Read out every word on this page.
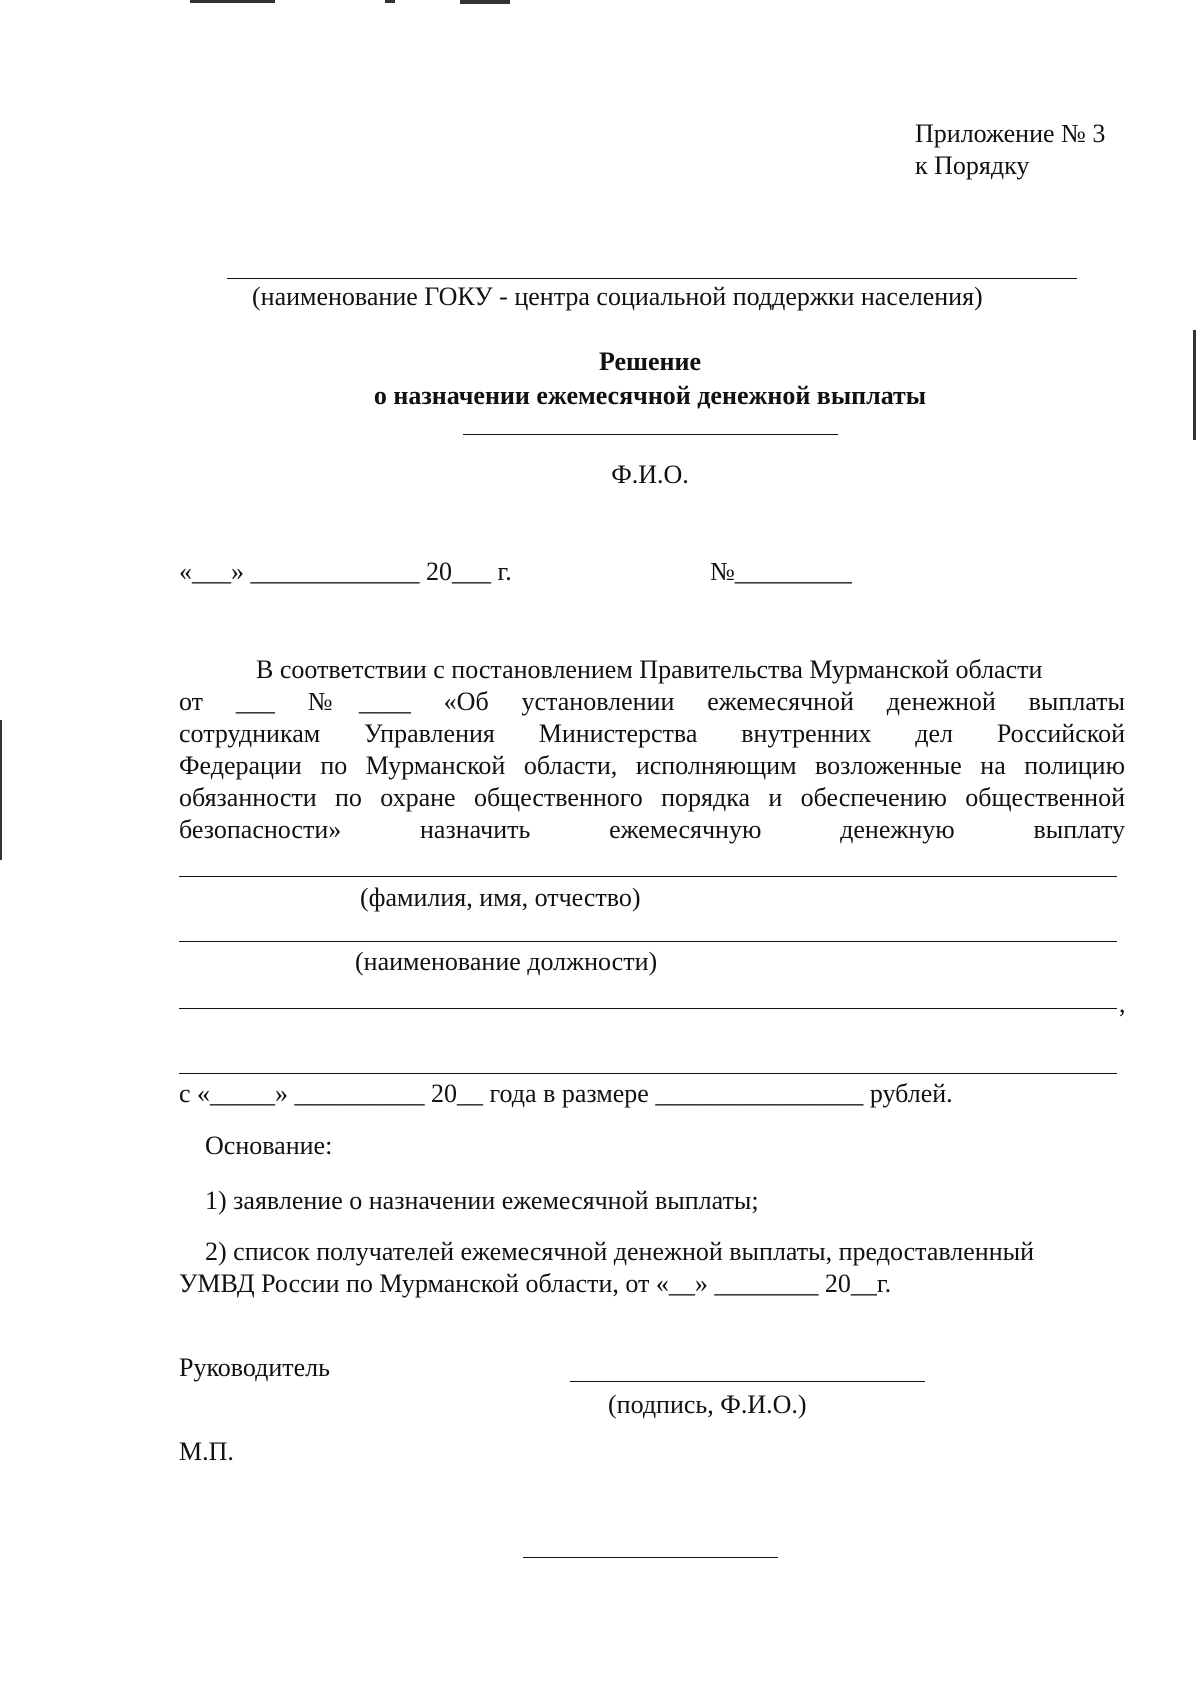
Приложение № 3
к Порядку
(наименование ГОКУ - центра социальной поддержки населения)
Решение
о назначении ежемесячной денежной выплаты
Ф.И.О.
«___» _____________ 20___ г.	№_________
В соответствии с постановлением Правительства Мурманской области
от ___ №____ «Об установлении ежемесячной денежной выплаты
сотрудникам Управления Министерства внутренних дел Российской
Федерации по Мурманской области, исполняющим возложенные на полицию
обязанности по охране общественного порядка и обеспечению общественной
безопасности» назначить ежемесячную денежную выплату
(фамилия, имя, отчество)
(наименование должности)
,
с «_____» __________ 20__ года в размере ________________ рублей.
Основание:
1) заявление о назначении ежемесячной выплаты;
2) список получателей ежемесячной денежной выплаты, предоставленный
УМВД России по Мурманской области, от «__» ________ 20__г.
Руководитель
(подпись, Ф.И.О.)
М.П.
